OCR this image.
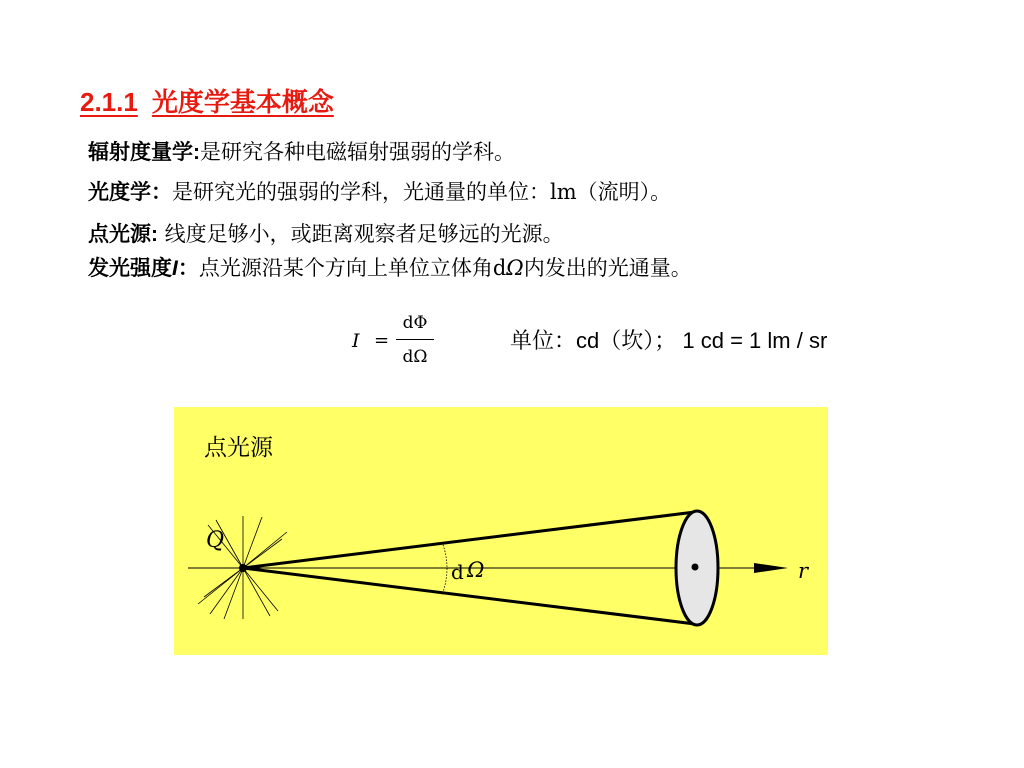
2.1.1 光度学基本概念
辐射度量学:是研究各种电磁辐射强弱的学科。
光度学：是研究光的强弱的学科，光通量的单位：lm（流明）。
点光源: 线度足够小，或距离观察者足够远的光源。
发光强度I：点光源沿某个方向上单位立体角dΩ内发出的光通量。
I =
dΦ
dΩ
单位：cd（坎）； 1 cd = 1 lm / sr
点光源
Q
d Ω	r
